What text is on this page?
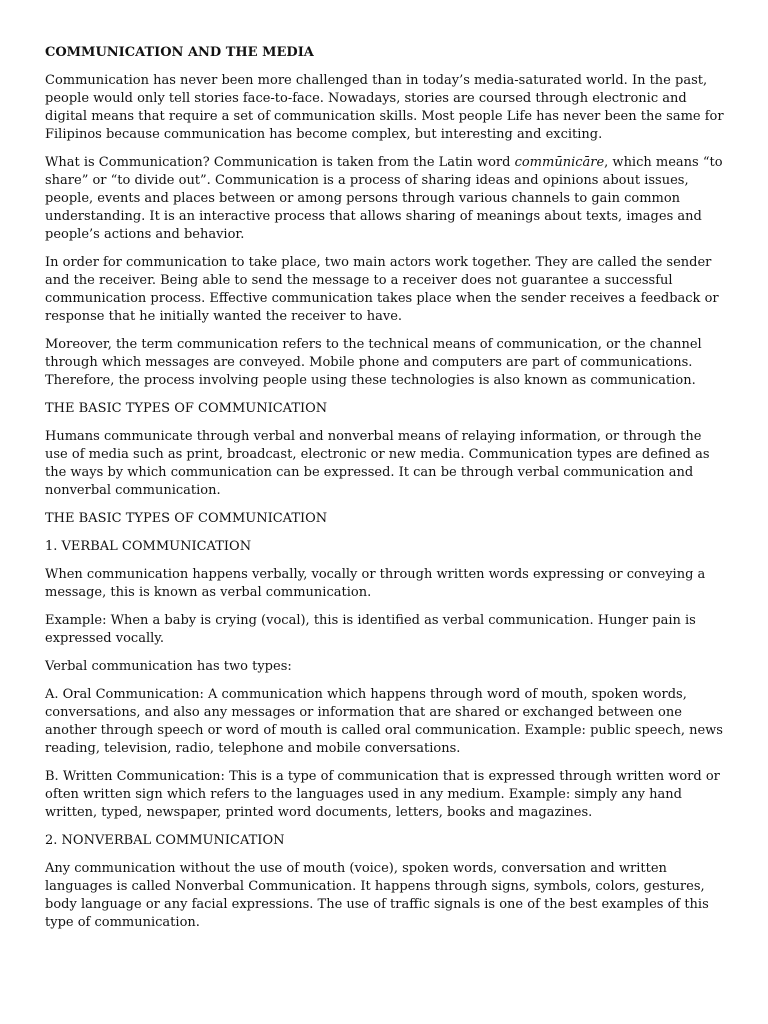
COMMUNICATION AND THE MEDIA

Communication has never been more challenged than in today’s media-saturated world. In the past, people would only tell stories face-to-face. Nowadays, stories are coursed through electronic and digital means that require a set of communication skills. Most people Life has never been the same for Filipinos because communication has become complex, but interesting and exciting.

What is Communication? Communication is taken from the Latin word commūnicāre, which means “to share” or “to divide out”. Communication is a process of sharing ideas and opinions about issues, people, events and places between or among persons through various channels to gain common understanding. It is an interactive process that allows sharing of meanings about texts, images and people’s actions and behavior.

In order for communication to take place, two main actors work together. They are called the sender and the receiver. Being able to send the message to a receiver does not guarantee a successful communication process. Effective communication takes place when the sender receives a feedback or response that he initially wanted the receiver to have.

Moreover, the term communication refers to the technical means of communication, or the channel through which messages are conveyed. Mobile phone and computers are part of communications. Therefore, the process involving people using these technologies is also known as communication.

THE BASIC TYPES OF COMMUNICATION

Humans communicate through verbal and nonverbal means of relaying information, or through the use of media such as print, broadcast, electronic or new media. Communication types are defined as the ways by which communication can be expressed. It can be through verbal communication and nonverbal communication.

THE BASIC TYPES OF COMMUNICATION

1. VERBAL COMMUNICATION

When communication happens verbally, vocally or through written words expressing or conveying a message, this is known as verbal communication.

Example: When a baby is crying (vocal), this is identified as verbal communication. Hunger pain is expressed vocally.

Verbal communication has two types:

A. Oral Communication: A communication which happens through word of mouth, spoken words, conversations, and also any messages or information that are shared or exchanged between one another through speech or word of mouth is called oral communication. Example: public speech, news reading, television, radio, telephone and mobile conversations.

B. Written Communication: This is a type of communication that is expressed through written word or often written sign which refers to the languages used in any medium. Example: simply any hand written, typed, newspaper, printed word documents, letters, books and magazines.

2. NONVERBAL COMMUNICATION

Any communication without the use of mouth (voice), spoken words, conversation and written languages is called Nonverbal Communication. It happens through signs, symbols, colors, gestures, body language or any facial expressions. The use of traffic signals is one of the best examples of this type of communication.
